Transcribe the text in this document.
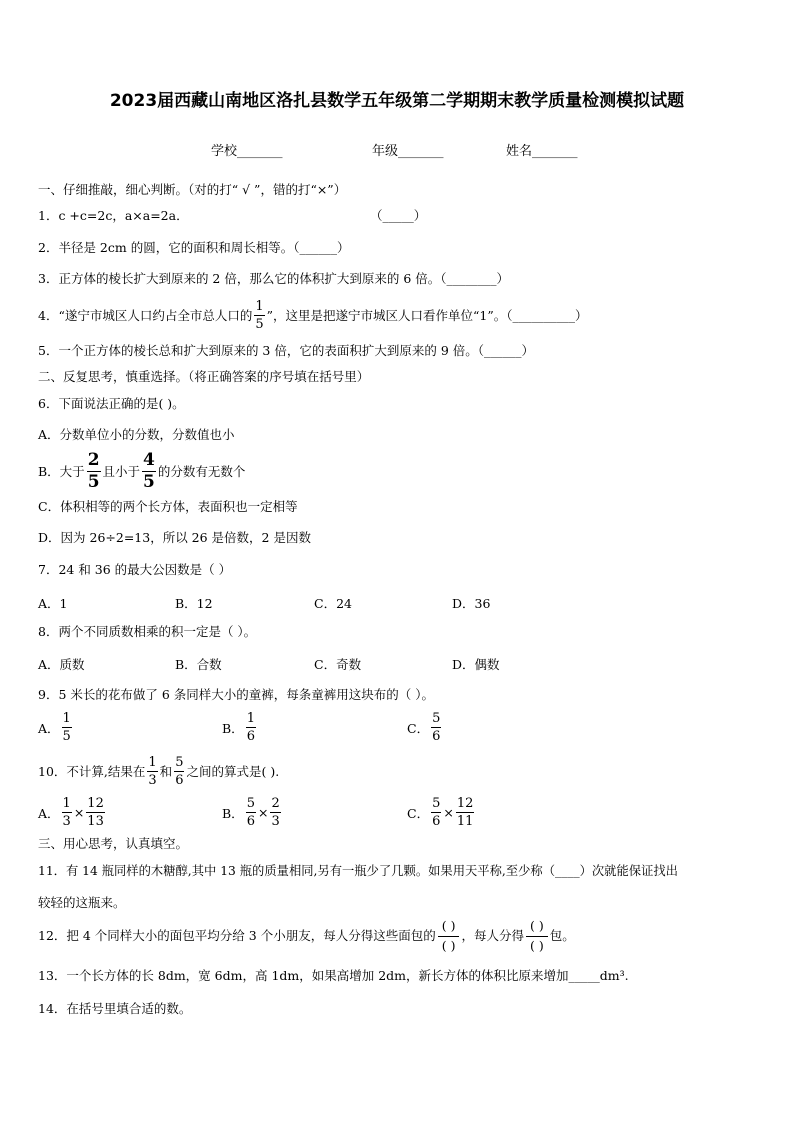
2023届西藏山南地区洛扎县数学五年级第二学期期末教学质量检测模拟试题
学校_______	年级_______	姓名_______
一、仔细推敲，细心判断。（对的打“ √ ”，错的打“×”）
1．c +c=2c，a×a=2a．	（_____）
2．半径是 2cm 的圆，它的面积和周长相等。（______）
3．正方体的棱长扩大到原来的 2 倍，那么它的体积扩大到原来的 6 倍。（________）
4．“遂宁市城区人口约占全市总人口的 $\frac{1}{5}$ ”，这里是把遂宁市城区人口看作单位“1”。（__________）
5．一个正方体的棱长总和扩大到原来的 3 倍，它的表面积扩大到原来的 9 倍。（______）
二、反复思考，慎重选择。（将正确答案的序号填在括号里）
6．下面说法正确的是( )。
A．分数单位小的分数，分数值也小
B．大于 $\frac{2}{5}$ 且小于 $\frac{4}{5}$ 的分数有无数个
C．体积相等的两个长方体，表面积也一定相等
D．因为 26÷2=13，所以 26 是倍数，2 是因数
7．24 和 36 的最大公因数是（ ）
A．1	B．12	C．24	D．36
8．两个不同质数相乘的积一定是（ ）。
A．质数	B．合数	C．奇数	D．偶数
9．5 米长的花布做了 6 条同样大小的童裤，每条童裤用这块布的（ ）。
A． $\frac{1}{5}$	B． $\frac{1}{6}$	C． $\frac{5}{6}$
10．不计算,结果在 $\frac{1}{3}$ 和 $\frac{5}{6}$ 之间的算式是( ).
A． $\frac{1}{3} \times \frac{12}{13}$	B． $\frac{5}{6} \times \frac{2}{3}$	C． $\frac{5}{6} \times \frac{12}{11}$
三、用心思考，认真填空。
11．有 14 瓶同样的木糖醇,其中 13 瓶的质量相同,另有一瓶少了几颗。如果用天平称,至少称（____）次就能保证找出
较轻的这瓶来。
12．把 4 个同样大小的面包平均分给 3 个小朋友，每人分得这些面包的 $\frac{( )}{( )}$ ，每人分得 $\frac{( )}{( )}$ 包。
13．一个长方体的长 8dm，宽 6dm，高 1dm，如果高增加 2dm，新长方体的体积比原来增加_____dm³.
14．在括号里填合适的数。
